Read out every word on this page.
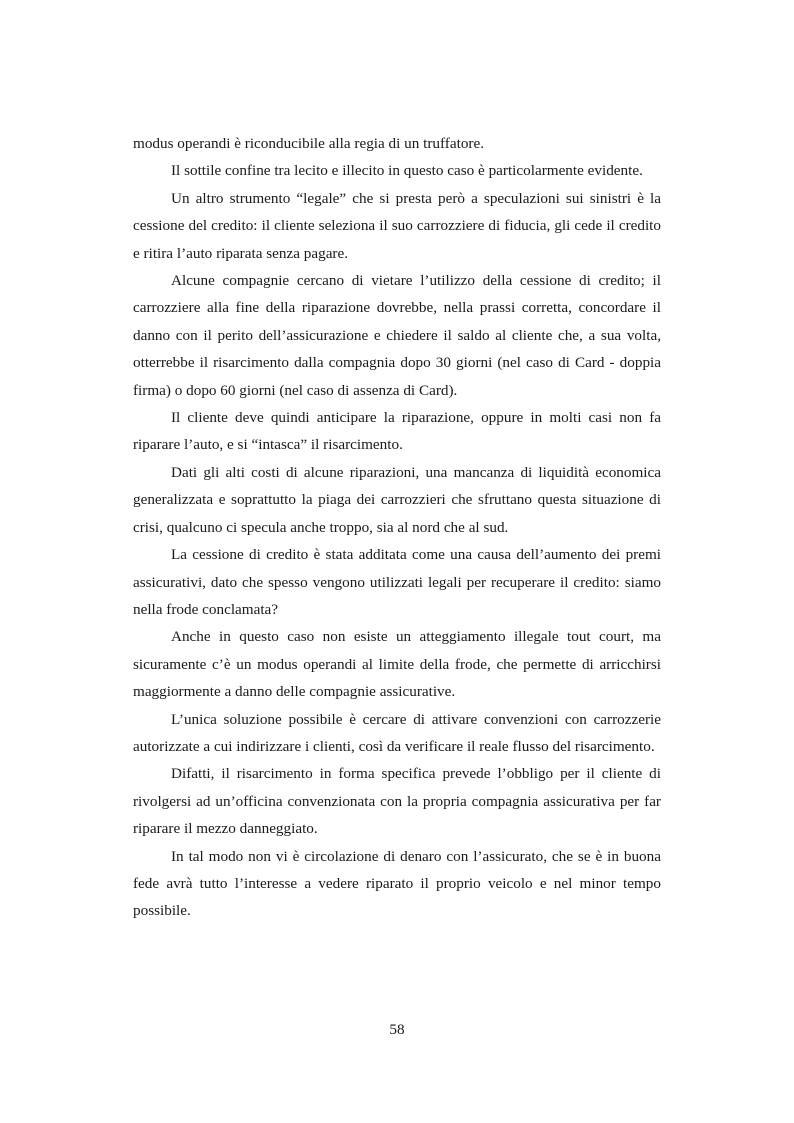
modus operandi è riconducibile alla regia di un truffatore.

Il sottile confine tra lecito e illecito in questo caso è particolarmente evidente.

Un altro strumento “legale” che si presta però a speculazioni sui sinistri è la cessione del credito: il cliente seleziona il suo carrozziere di fiducia, gli cede il credito e ritira l’auto riparata senza pagare.

Alcune compagnie cercano di vietare l’utilizzo della cessione di credito; il carrozziere alla fine della riparazione dovrebbe, nella prassi corretta, concordare il danno con il perito dell’assicurazione e chiedere il saldo al cliente che, a sua volta, otterrebbe il risarcimento dalla compagnia dopo 30 giorni (nel caso di Card - doppia firma) o dopo 60 giorni (nel caso di assenza di Card).

Il cliente deve quindi anticipare la riparazione, oppure in molti casi non fa riparare l’auto, e si “intasca” il risarcimento.

Dati gli alti costi di alcune riparazioni, una mancanza di liquidità economica generalizzata e soprattutto la piaga dei carrozzieri che sfruttano questa situazione di crisi, qualcuno ci specula anche troppo, sia al nord che al sud.

La cessione di credito è stata additata come una causa dell’aumento dei premi assicurativi, dato che spesso vengono utilizzati legali per recuperare il credito: siamo nella frode conclamata?

Anche in questo caso non esiste un atteggiamento illegale tout court, ma sicuramente c’è un modus operandi al limite della frode, che permette di arricchirsi maggiormente a danno delle compagnie assicurative.

L’unica soluzione possibile è cercare di attivare convenzioni con carrozzerie autorizzate a cui indirizzare i clienti, così da verificare il reale flusso del risarcimento.

Difatti, il risarcimento in forma specifica prevede l’obbligo per il cliente di rivolgersi ad un’officina convenzionata con la propria compagnia assicurativa per far riparare il mezzo danneggiato.

In tal modo non vi è circolazione di denaro con l’assicurato, che se è in buona fede avrà tutto l’interesse a vedere riparato il proprio veicolo e nel minor tempo possibile.

58
